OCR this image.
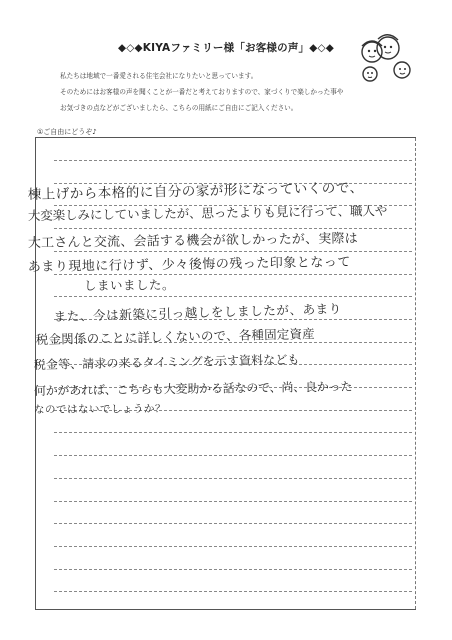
◆◇◆KIYAファミリー様「お客様の声」◆◇◆
私たちは地域で一番愛される住宅会社になりたいと思っています。
そのためにはお客様の声を聞くことが一番だと考えておりますので、家づくりで楽しかった事や
お気づきの点などがございましたら、こちらの用紙にご自由にご記入ください。
①ご自由にどうぞ♪
棟上げから本格的に自分の家が形になっていくので、
大変楽しみにしていましたが、思ったよりも見に行って、職人や
大工さんと交流、会話する機会が欲しかったが、実際は
あまり現地に行けず、少々後悔の残った印象となって
しまいました。
また、今は新築に引っ越しをしましたが、あまり
税金関係のことに詳しくないので、各種固定資産
税金等、請求の来るタイミングを示す資料なども
何かがあれば、こちらも大変助かる話なので、尚、良かった
なのではないでしょうか？
